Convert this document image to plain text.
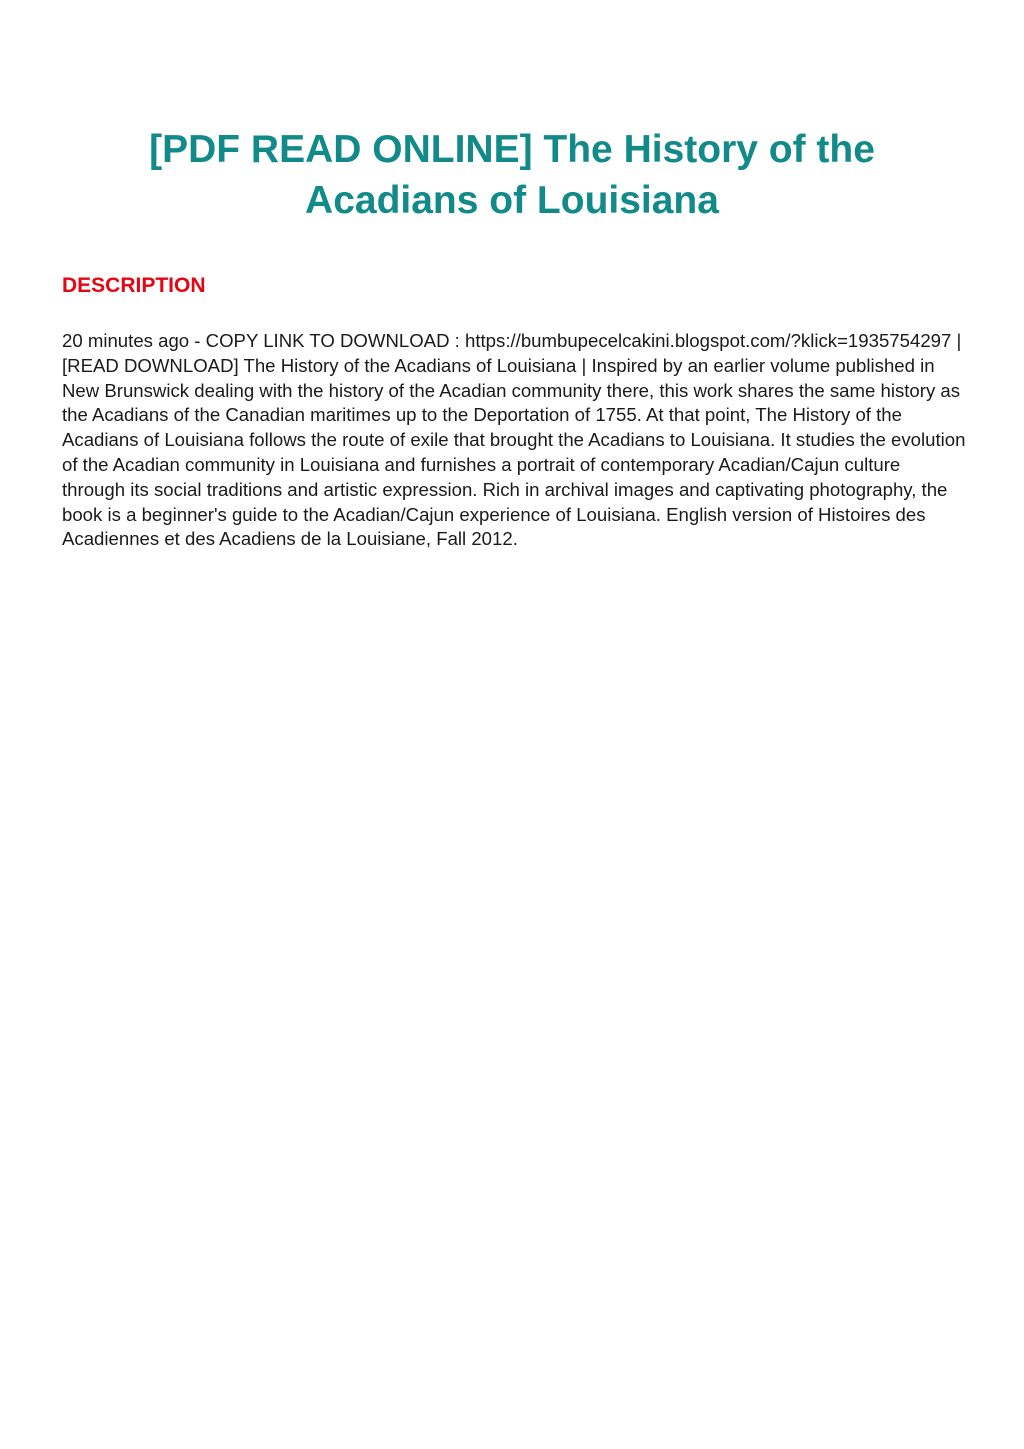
[PDF READ ONLINE] The History of the Acadians of Louisiana
DESCRIPTION

20 minutes ago - COPY LINK TO DOWNLOAD : https://bumbupecelcakini.blogspot.com/?klick=1935754297 | [READ DOWNLOAD] The History of the Acadians of Louisiana | Inspired by an earlier volume published in New Brunswick dealing with the history of the Acadian community there, this work shares the same history as the Acadians of the Canadian maritimes up to the Deportation of 1755. At that point, The History of the Acadians of Louisiana follows the route of exile that brought the Acadians to Louisiana. It studies the evolution of the Acadian community in Louisiana and furnishes a portrait of contemporary Acadian/Cajun culture through its social traditions and artistic expression. Rich in archival images and captivating photography, the book is a beginner's guide to the Acadian/Cajun experience of Louisiana. English version of Histoires des Acadiennes et des Acadiens de la Louisiane, Fall 2012.
